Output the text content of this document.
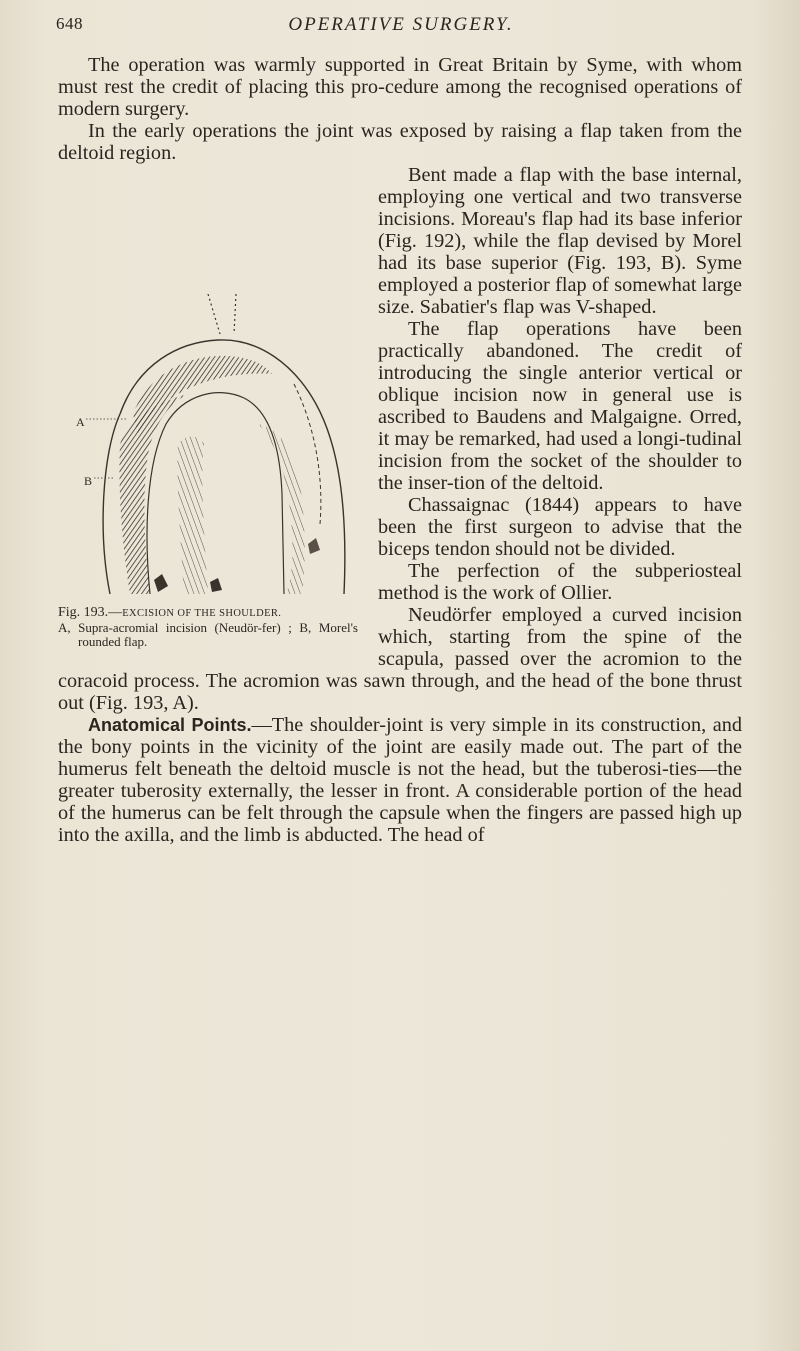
648	OPERATIVE SURGERY.

The operation was warmly supported in Great Britain by Syme, with whom must rest the credit of placing this pro-cedure among the recognised operations of modern surgery.

In the early operations the joint was exposed by raising a flap taken from the deltoid region.

A
B
Fig. 193.—EXCISION OF THE SHOULDER.
A, Supra-acromial incision (Neudör-fer) ; B, Morel's rounded flap.

Bent made a flap with the base internal, employing one vertical and two transverse incisions. Moreau's flap had its base inferior (Fig. 192), while the flap devised by Morel had its base superior (Fig. 193, B). Syme employed a posterior flap of somewhat large size. Sabatier's flap was V-shaped.

The flap operations have been practically abandoned. The credit of introducing the single anterior vertical or oblique incision now in general use is ascribed to Baudens and Malgaigne. Orred, it may be remarked, had used a longi-tudinal incision from the socket of the shoulder to the inser-tion of the deltoid.

Chassaignac (1844) appears to have been the first surgeon to advise that the biceps tendon should not be divided.

The perfection of the subperiosteal method is the work of Ollier.

Neudörfer employed a curved incision which, starting from the spine of the scapula, passed over the acromion to the coracoid process. The acromion was sawn through, and the head of the bone thrust out (Fig. 193, A).

Anatomical Points.—The shoulder-joint is very simple in its construction, and the bony points in the vicinity of the joint are easily made out. The part of the humerus felt beneath the deltoid muscle is not the head, but the tuberosi-ties—the greater tuberosity externally, the lesser in front. A considerable portion of the head of the humerus can be felt through the capsule when the fingers are passed high up into the axilla, and the limb is abducted. The head of
